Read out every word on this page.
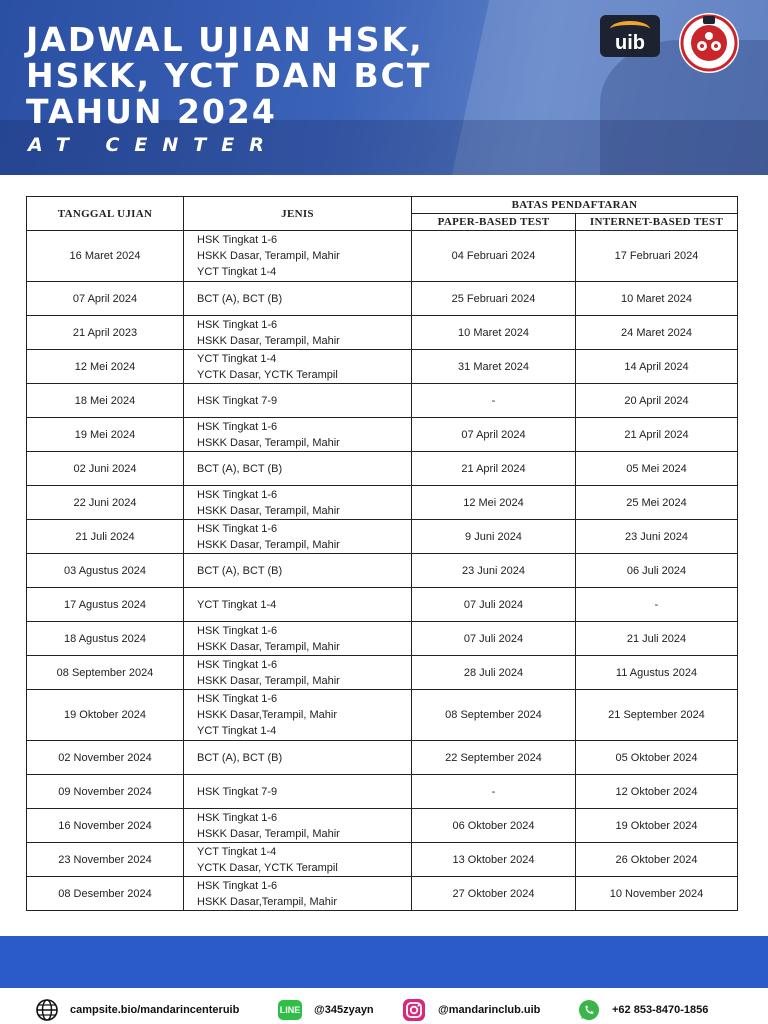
JADWAL UJIAN HSK,
HSKK, YCT DAN BCT
TAHUN 2024
AT CENTER
uib
TANGGAL UJIAN	JENIS	BATAS PENDAFTARAN	
		PAPER-BASED TEST	INTERNET-BASED TEST
16 Maret 2024	HSK Tingkat 1-6
HSKK Dasar, Terampil, Mahir
YCT Tingkat 1-4	04 Februari 2024	17 Februari 2024
07 April 2024	BCT (A), BCT (B)	25 Februari 2024	10 Maret 2024
21 April 2023	HSK Tingkat 1-6
HSKK Dasar, Terampil, Mahir	10 Maret 2024	24 Maret 2024
12 Mei 2024	YCT Tingkat 1-4
YCTK Dasar, YCTK Terampil	31 Maret 2024	14 April 2024
18 Mei 2024	HSK Tingkat 7-9	-	20 April 2024
19 Mei 2024	HSK Tingkat 1-6
HSKK Dasar, Terampil, Mahir	07 April 2024	21 April 2024
02 Juni 2024	BCT (A), BCT (B)	21 April 2024	05 Mei 2024
22 Juni 2024	HSK Tingkat 1-6
HSKK Dasar, Terampil, Mahir	12 Mei 2024	25 Mei 2024
21 Juli 2024	HSK Tingkat 1-6
HSKK Dasar, Terampil, Mahir	9 Juni 2024	23 Juni 2024
03 Agustus 2024	BCT (A), BCT (B)	23 Juni 2024	06 Juli 2024
17 Agustus 2024	YCT Tingkat 1-4	07 Juli 2024	-
18 Agustus 2024	HSK Tingkat 1-6
HSKK Dasar, Terampil, Mahir	07 Juli 2024	21 Juli 2024
08 September 2024	HSK Tingkat 1-6
HSKK Dasar, Terampil, Mahir	28 Juli 2024	11 Agustus 2024
19 Oktober 2024	HSK Tingkat 1-6
HSKK Dasar,Terampil, Mahir
YCT Tingkat 1-4	08 September 2024	21 September 2024
02 November 2024	BCT (A), BCT (B)	22 September 2024	05 Oktober 2024
09 November 2024	HSK Tingkat 7-9	-	12 Oktober 2024
16 November 2024	HSK Tingkat 1-6
HSKK Dasar, Terampil, Mahir	06 Oktober 2024	19 Oktober 2024
23 November 2024	YCT Tingkat 1-4
YCTK Dasar, YCTK Terampil	13 Oktober 2024	26 Oktober 2024
08 Desember 2024	HSK Tingkat 1-6
HSKK Dasar,Terampil, Mahir	27 Oktober 2024	10 November 2024
campsite.bio/mandarincenteruib	LINE @345zyayn	@mandarinclub.uib	+62 853-8470-1856
